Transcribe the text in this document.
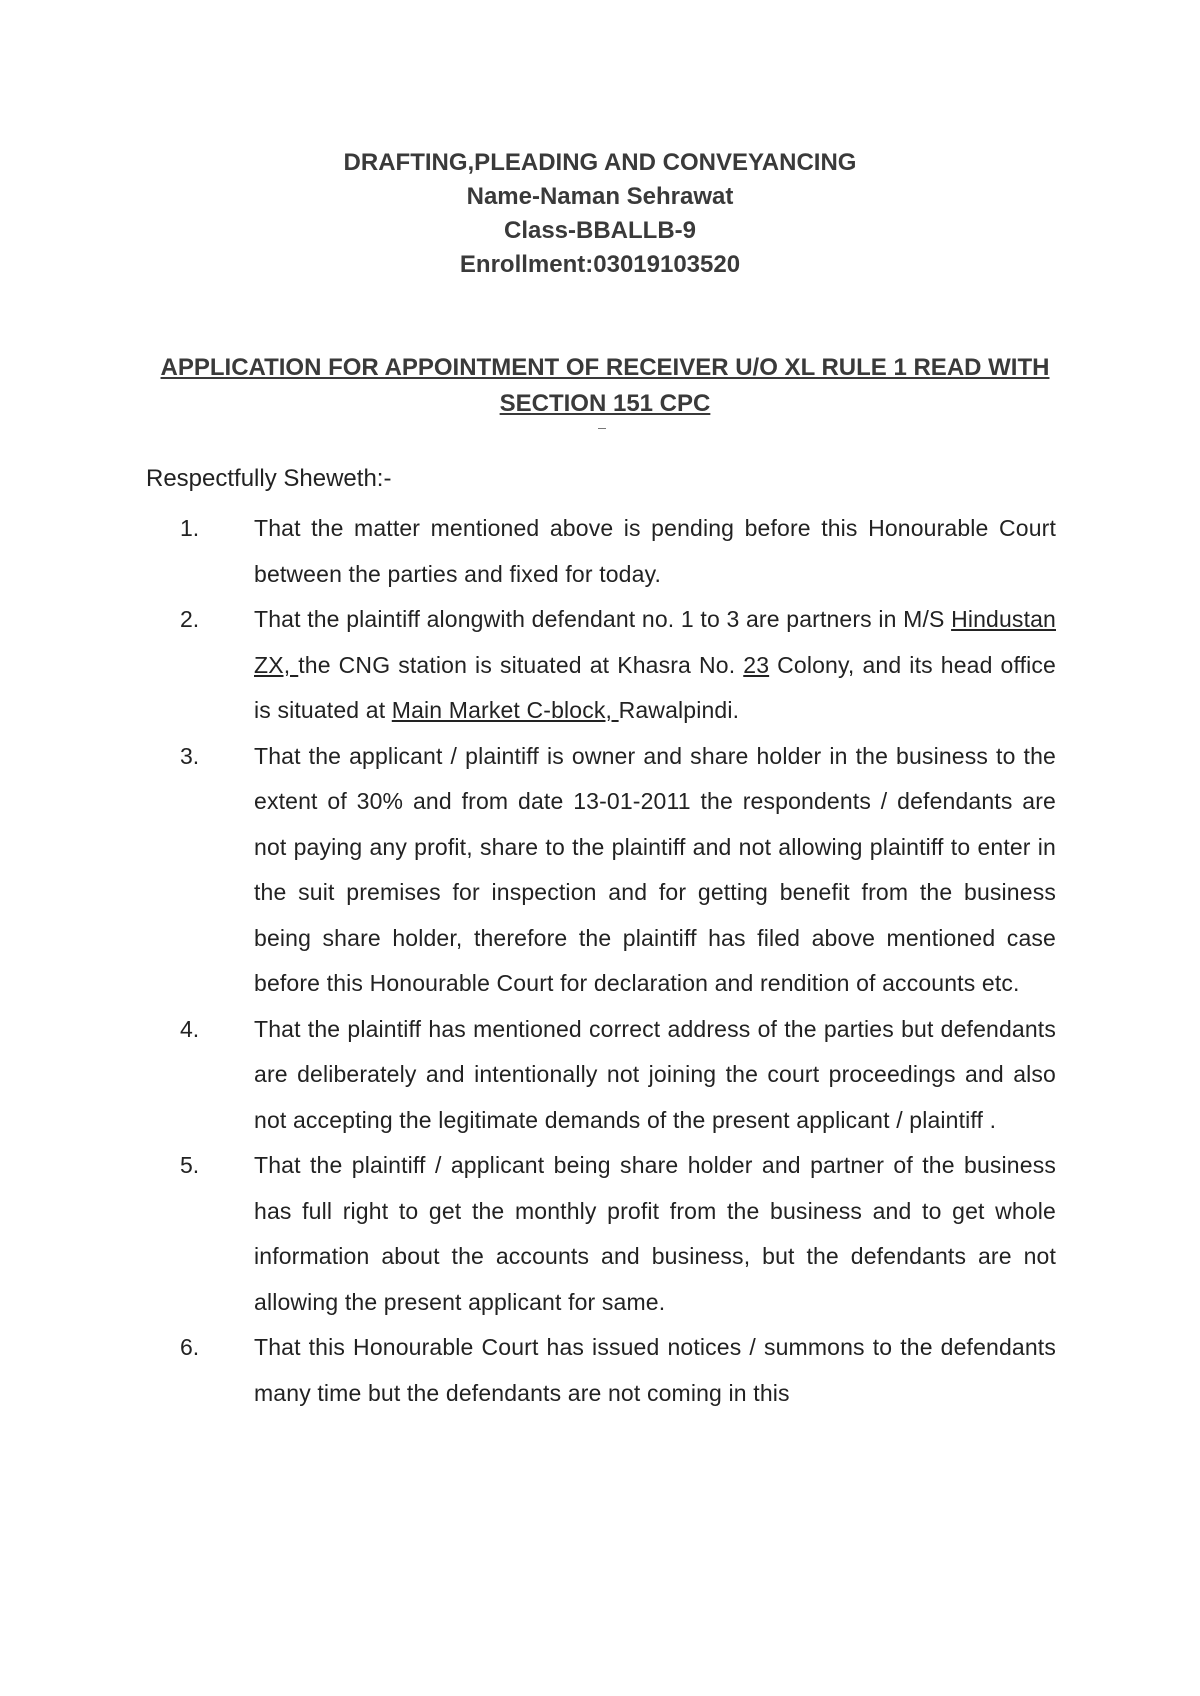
DRAFTING,PLEADING AND CONVEYANCING
Name-Naman Sehrawat
Class-BBALLB-9
Enrollment:03019103520
APPLICATION FOR APPOINTMENT OF RECEIVER U/O XL RULE 1 READ WITH SECTION 151 CPC
Respectfully Sheweth:-
1.	That the matter mentioned above is pending before this Honourable Court between the parties and fixed for today.
2.	That the plaintiff alongwith defendant no. 1 to 3 are partners in M/S Hindustan ZX, the CNG station is situated at Khasra No. 23 Colony, and its head office is situated at Main Market C-block, Rawalpindi.
3.	That the applicant / plaintiff is owner and share holder in the business to the extent of 30% and from date 13-01-2011 the respondents / defendants are not paying any profit, share to the plaintiff and not allowing plaintiff to enter in the suit premises for inspection and for getting benefit from the business being share holder, therefore the plaintiff has filed above mentioned case before this Honourable Court for declaration and rendition of accounts etc.
4.	That the plaintiff has mentioned correct address of the parties but defendants are deliberately and intentionally not joining the court proceedings and also not accepting the legitimate demands of the present applicant / plaintiff .
5.	That the plaintiff / applicant being share holder and partner of the business has full right to get the monthly profit from the business and to get whole information about the accounts and business, but the defendants are not allowing the present applicant for same.
6.	That this Honourable Court has issued notices / summons to the defendants many time but the defendants are not coming in this
